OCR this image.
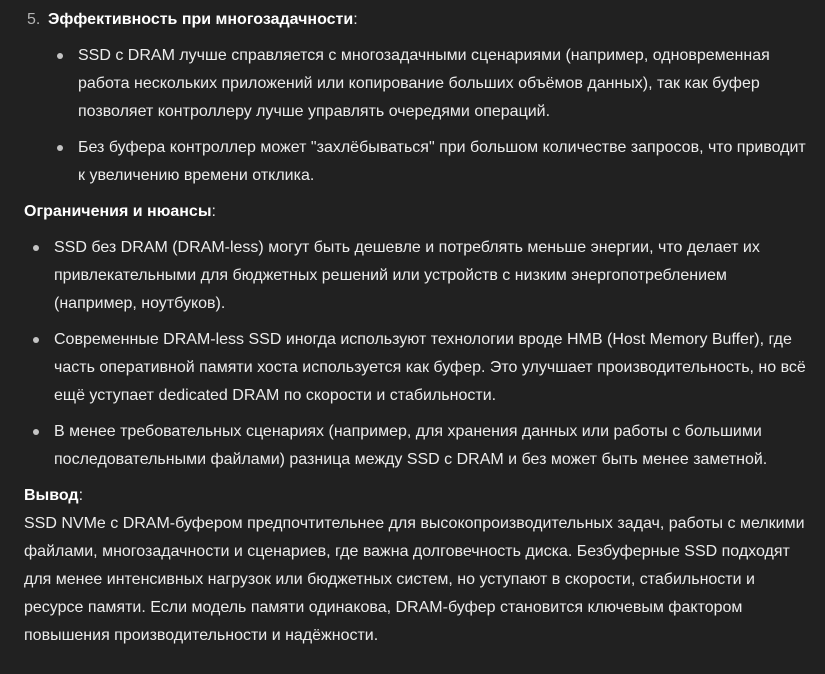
5. Эффективность при многозадачности:
SSD с DRAM лучше справляется с многозадачными сценариями (например, одновременная работа нескольких приложений или копирование больших объёмов данных), так как буфер позволяет контроллеру лучше управлять очередями операций.
Без буфера контроллер может "захлёбываться" при большом количестве запросов, что приводит к увеличению времени отклика.
Ограничения и нюансы:
SSD без DRAM (DRAM-less) могут быть дешевле и потреблять меньше энергии, что делает их привлекательными для бюджетных решений или устройств с низким энергопотреблением (например, ноутбуков).
Современные DRAM-less SSD иногда используют технологии вроде HMB (Host Memory Buffer), где часть оперативной памяти хоста используется как буфер. Это улучшает производительность, но всё ещё уступает dedicated DRAM по скорости и стабильности.
В менее требовательных сценариях (например, для хранения данных или работы с большими последовательными файлами) разница между SSD с DRAM и без может быть менее заметной.
Вывод:
SSD NVMe с DRAM-буфером предпочтительнее для высокопроизводительных задач, работы с мелкими файлами, многозадачности и сценариев, где важна долговечность диска. Безбуферные SSD подходят для менее интенсивных нагрузок или бюджетных систем, но уступают в скорости, стабильности и ресурсе памяти. Если модель памяти одинакова, DRAM-буфер становится ключевым фактором повышения производительности и надёжности.
